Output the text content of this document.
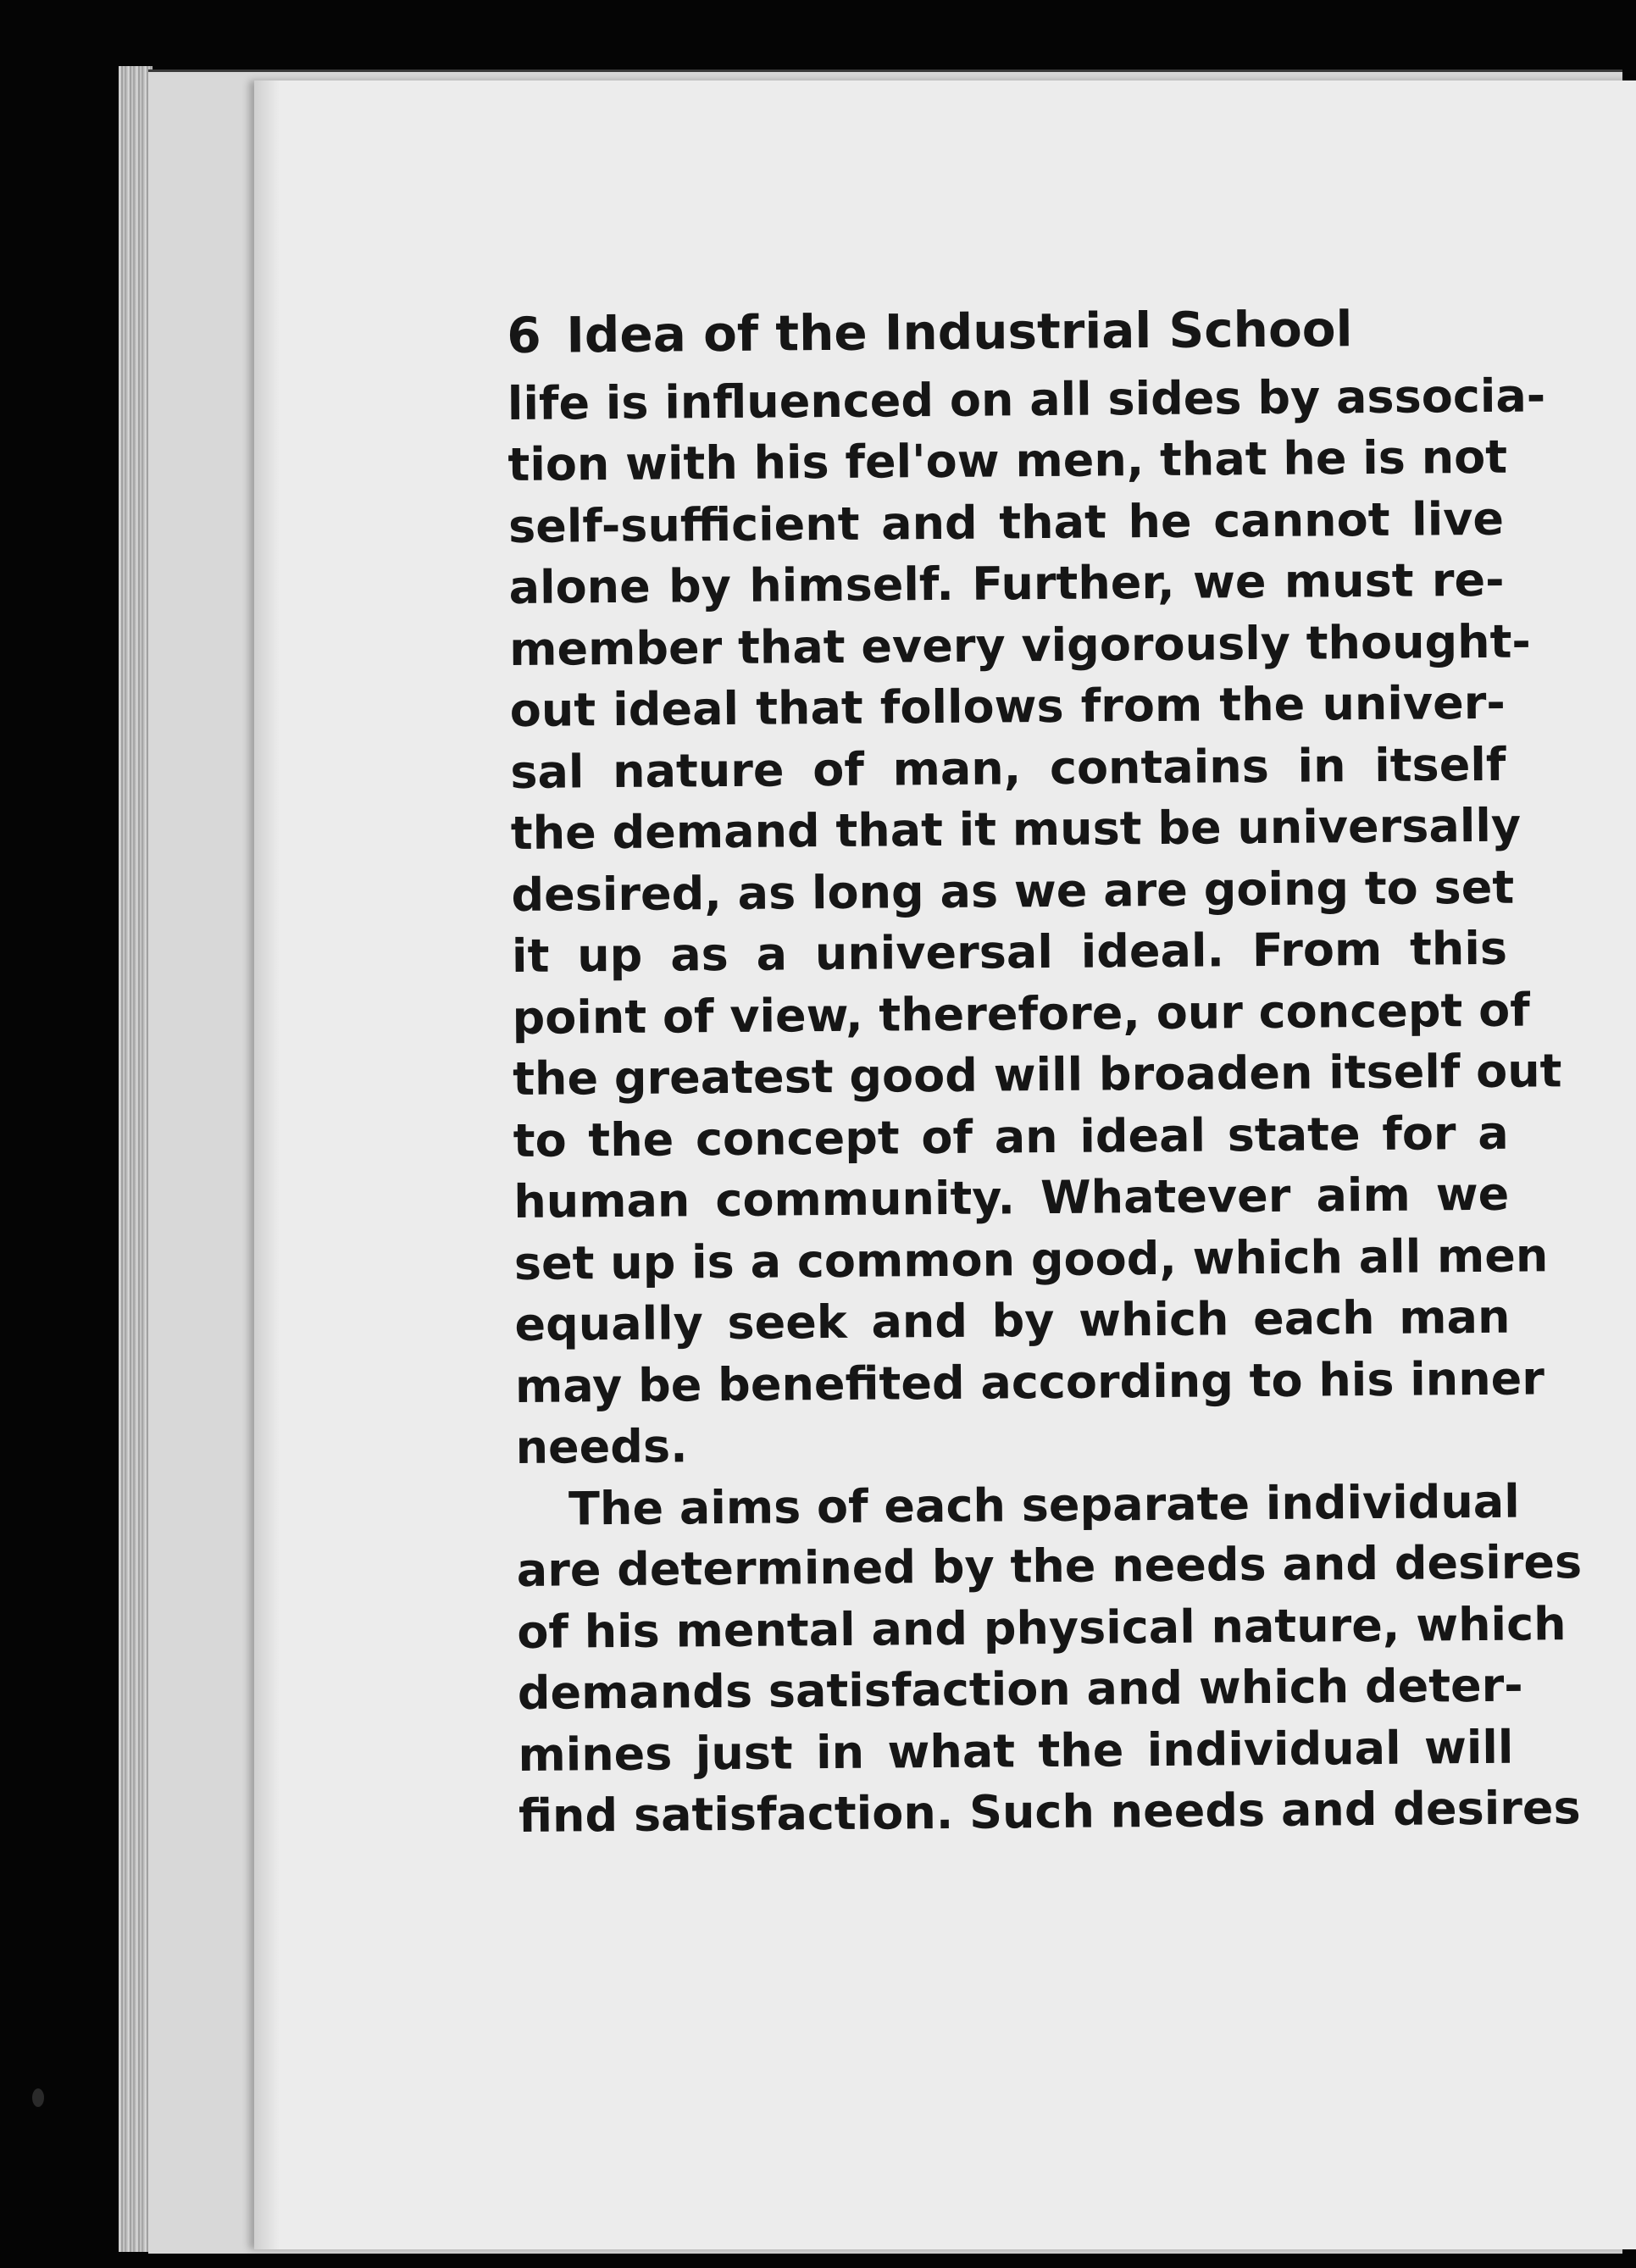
6 Idea of the Industrial School
life is influenced on all sides by associa-
tion with his fel'ow men, that he is not
self-sufficient and that he cannot live
alone by himself. Further, we must re-
member that every vigorously thought-
out ideal that follows from the univer-
sal nature of man, contains in itself
the demand that it must be universally
desired, as long as we are going to set
it up as a universal ideal. From this
point of view, therefore, our concept of
the greatest good will broaden itself out
to the concept of an ideal state for a
human community. Whatever aim we
set up is a common good, which all men
equally seek and by which each man
may be benefited according to his inner
needs.
The aims of each separate individual
are determined by the needs and desires
of his mental and physical nature, which
demands satisfaction and which deter-
mines just in what the individual will
find satisfaction. Such needs and desires
